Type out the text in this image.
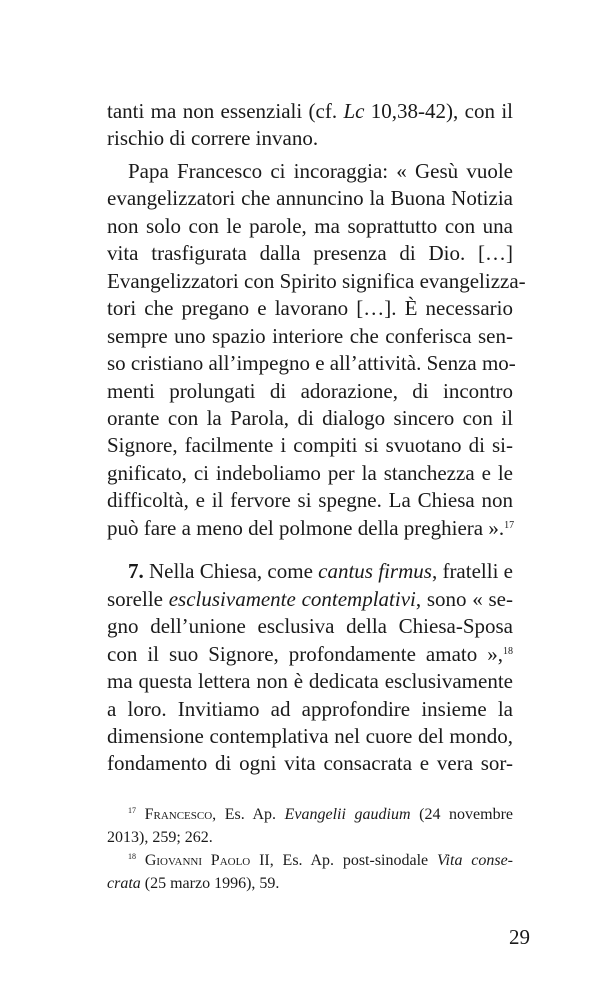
tanti ma non essenziali (cf. Lc 10,38-42), con il
rischio di correre invano.
Papa Francesco ci incoraggia: « Gesù vuole
evangelizzatori che annuncino la Buona Notizia
non solo con le parole, ma soprattutto con una
vita trasfigurata dalla presenza di Dio. […]
Evangelizzatori con Spirito significa evangelizza-
tori che pregano e lavorano […]. È necessario
sempre uno spazio interiore che conferisca sen-
so cristiano all’impegno e all’attività. Senza mo-
menti prolungati di adorazione, di incontro
orante con la Parola, di dialogo sincero con il
Signore, facilmente i compiti si svuotano di si-
gnificato, ci indeboliamo per la stanchezza e le
difficoltà, e il fervore si spegne. La Chiesa non
può fare a meno del polmone della preghiera ».$^{17}$
7. Nella Chiesa, come cantus firmus, fratelli e
sorelle esclusivamente contemplativi, sono « se-
gno dell’unione esclusiva della Chiesa-Sposa
con il suo Signore, profondamente amato »,$^{18}$
ma questa lettera non è dedicata esclusivamente
a loro. Invitiamo ad approfondire insieme la
dimensione contemplativa nel cuore del mondo,
fondamento di ogni vita consacrata e vera sor-
$^{17}$ Francesco, Es. Ap. Evangelii gaudium (24 novembre
2013), 259; 262.
$^{18}$ Giovanni Paolo II, Es. Ap. post-sinodale Vita conse-
crata (25 marzo 1996), 59.
29
